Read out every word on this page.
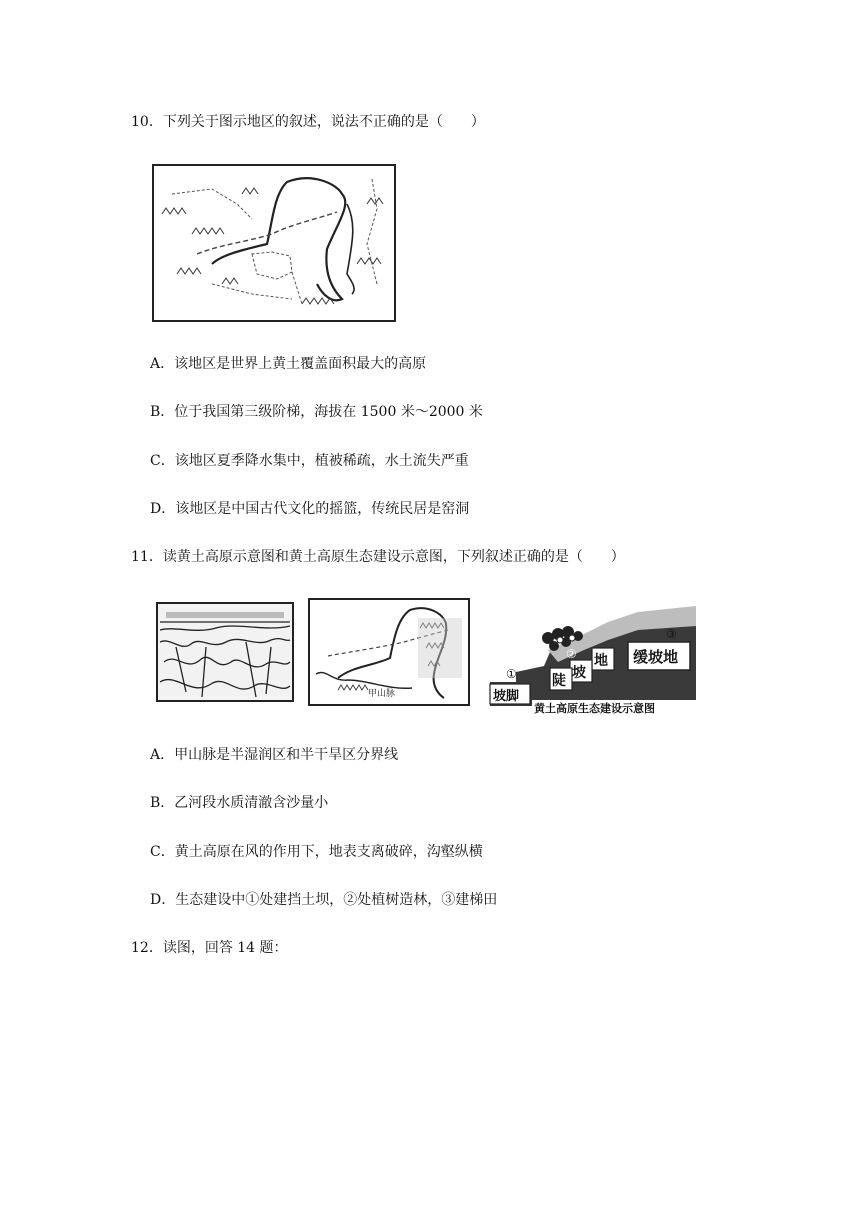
10．下列关于图示地区的叙述，说法不正确的是（　　）
A．该地区是世界上黄土覆盖面积最大的高原
B．位于我国第三级阶梯，海拔在 1500 米～2000 米
C．该地区夏季降水集中，植被稀疏，水土流失严重
D．该地区是中国古代文化的摇篮，传统民居是窑洞
11．读黄土高原示意图和黄土高原生态建设示意图，下列叙述正确的是（　　）
甲山脉
缓坡地
地
坡
陡
坡脚
①
②
③
黄土高原生态建设示意图
A．甲山脉是半湿润区和半干旱区分界线
B．乙河段水质清澈含沙量小
C．黄土高原在风的作用下，地表支离破碎，沟壑纵横
D．生态建设中①处建挡土坝，②处植树造林，③建梯田
12．读图，回答 14 题：
